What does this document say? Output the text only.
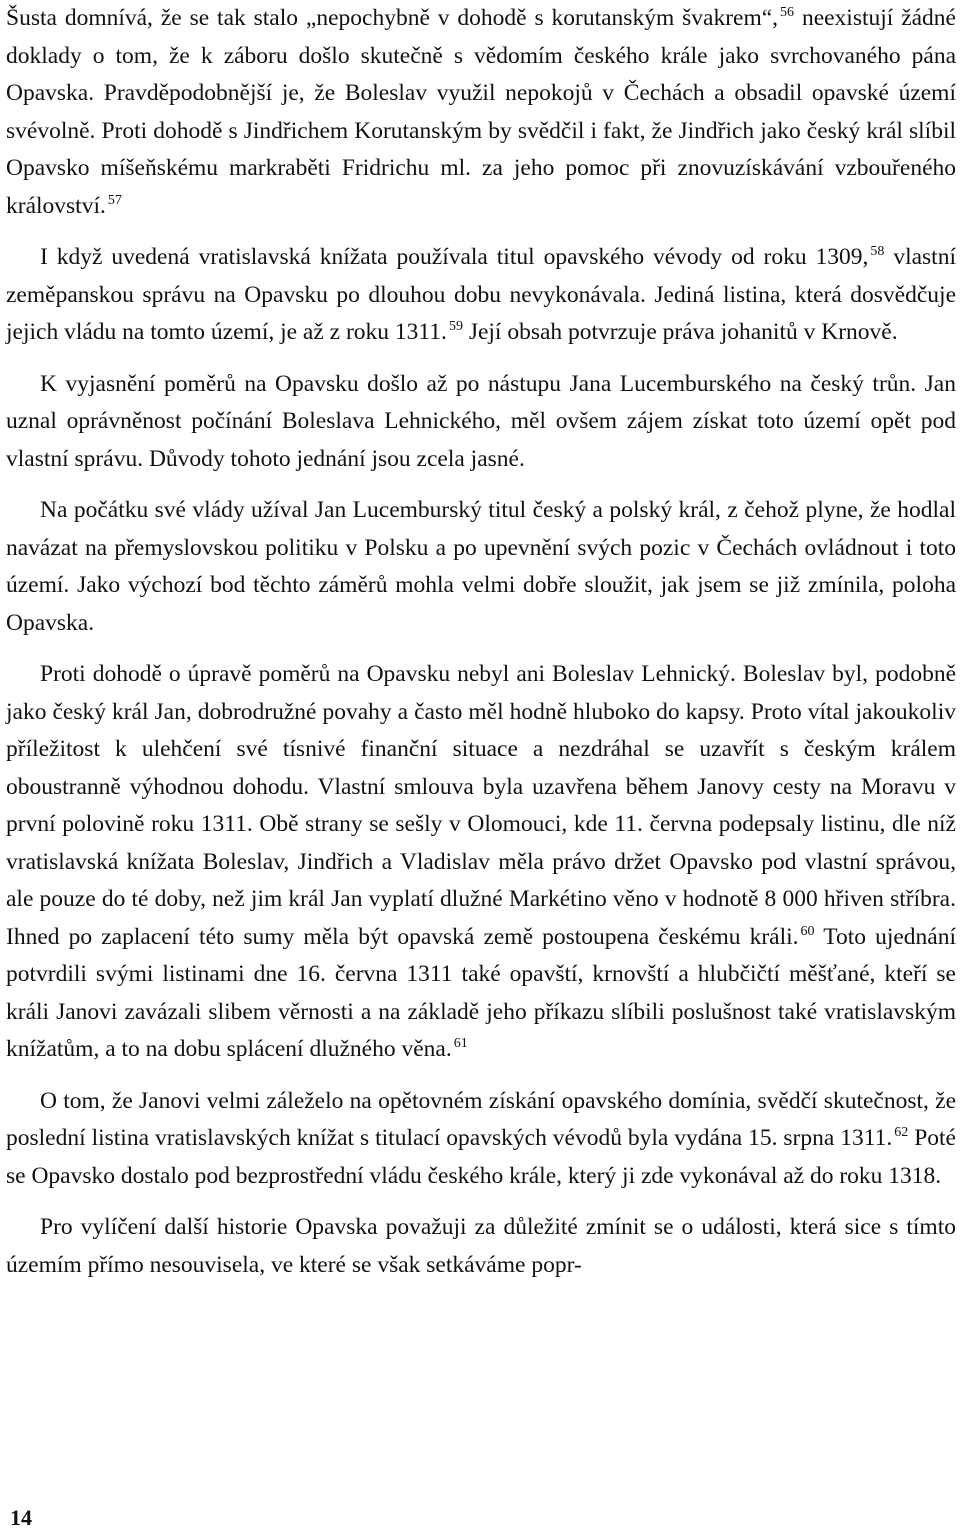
Šusta domnívá, že se tak stalo „nepochybně v dohodě s korutanským švakrem“, $^{56}$ neexistují žádné doklady o tom, že k záboru došlo skutečně s vědomím českého krále jako svrchovaného pána Opavska. Pravděpodobnější je, že Boleslav využil nepokojů v Čechách a obsadil opavské území svévolně. Proti dohodě s Jindřichem Korutanským by svědčil i fakt, že Jindřich jako český král slíbil Opavsko míšeňskému markraběti Fridrichu ml. za jeho pomoc při znovuzískávání vzbouřeného království. $^{57}$

I když uvedená vratislavská knížata používala titul opavského vévody od roku 1309, $^{58}$ vlastní zeměpanskou správu na Opavsku po dlouhou dobu nevykonávala. Jediná listina, která dosvědčuje jejich vládu na tomto území, je až z roku 1311. $^{59}$ Její obsah potvrzuje práva johanitů v Krnově.

K vyjasnění poměrů na Opavsku došlo až po nástupu Jana Lucemburského na český trůn. Jan uznal oprávněnost počínání Boleslava Lehnického, měl ovšem zájem získat toto území opět pod vlastní správu. Důvody tohoto jednání jsou zcela jasné.

Na počátku své vlády užíval Jan Lucemburský titul český a polský král, z čehož plyne, že hodlal navázat na přemyslovskou politiku v Polsku a po upevnění svých pozic v Čechách ovládnout i toto území. Jako výchozí bod těchto záměrů mohla velmi dobře sloužit, jak jsem se již zmínila, poloha Opavska.

Proti dohodě o úpravě poměrů na Opavsku nebyl ani Boleslav Lehnický. Boleslav byl, podobně jako český král Jan, dobrodružné povahy a často měl hodně hluboko do kapsy. Proto vítal jakoukoliv příležitost k ulehčení své tísnivé finanční situace a nezdráhal se uzavřít s českým králem oboustranně výhodnou dohodu. Vlastní smlouva byla uzavřena během Janovy cesty na Moravu v první polovině roku 1311. Obě strany se sešly v Olomouci, kde 11. června podepsaly listinu, dle níž vratislavská knížata Boleslav, Jindřich a Vladislav měla právo držet Opavsko pod vlastní správou, ale pouze do té doby, než jim král Jan vyplatí dlužné Markétino věno v hodnotě 8 000 hřiven stříbra. Ihned po zaplacení této sumy měla být opavská země postoupena českému králi. $^{60}$ Toto ujednání potvrdili svými listinami dne 16. června 1311 také opavští, krnovští a hlubčičtí měšťané, kteří se králi Janovi zavázali slibem věrnosti a na základě jeho příkazu slíbili poslušnost také vratislavským knížatům, a to na dobu splácení dlužného věna. $^{61}$

O tom, že Janovi velmi záleželo na opětovném získání opavského domínia, svědčí skutečnost, že poslední listina vratislavských knížat s titulací opavských vévodů byla vydána 15. srpna 1311. $^{62}$ Poté se Opavsko dostalo pod bezprostřední vládu českého krále, který ji zde vykonával až do roku 1318.

Pro vylíčení další historie Opavska považuji za důležité zmínit se o události, která sice s tímto územím přímo nesouvisela, ve které se však setkáváme popr-

14
